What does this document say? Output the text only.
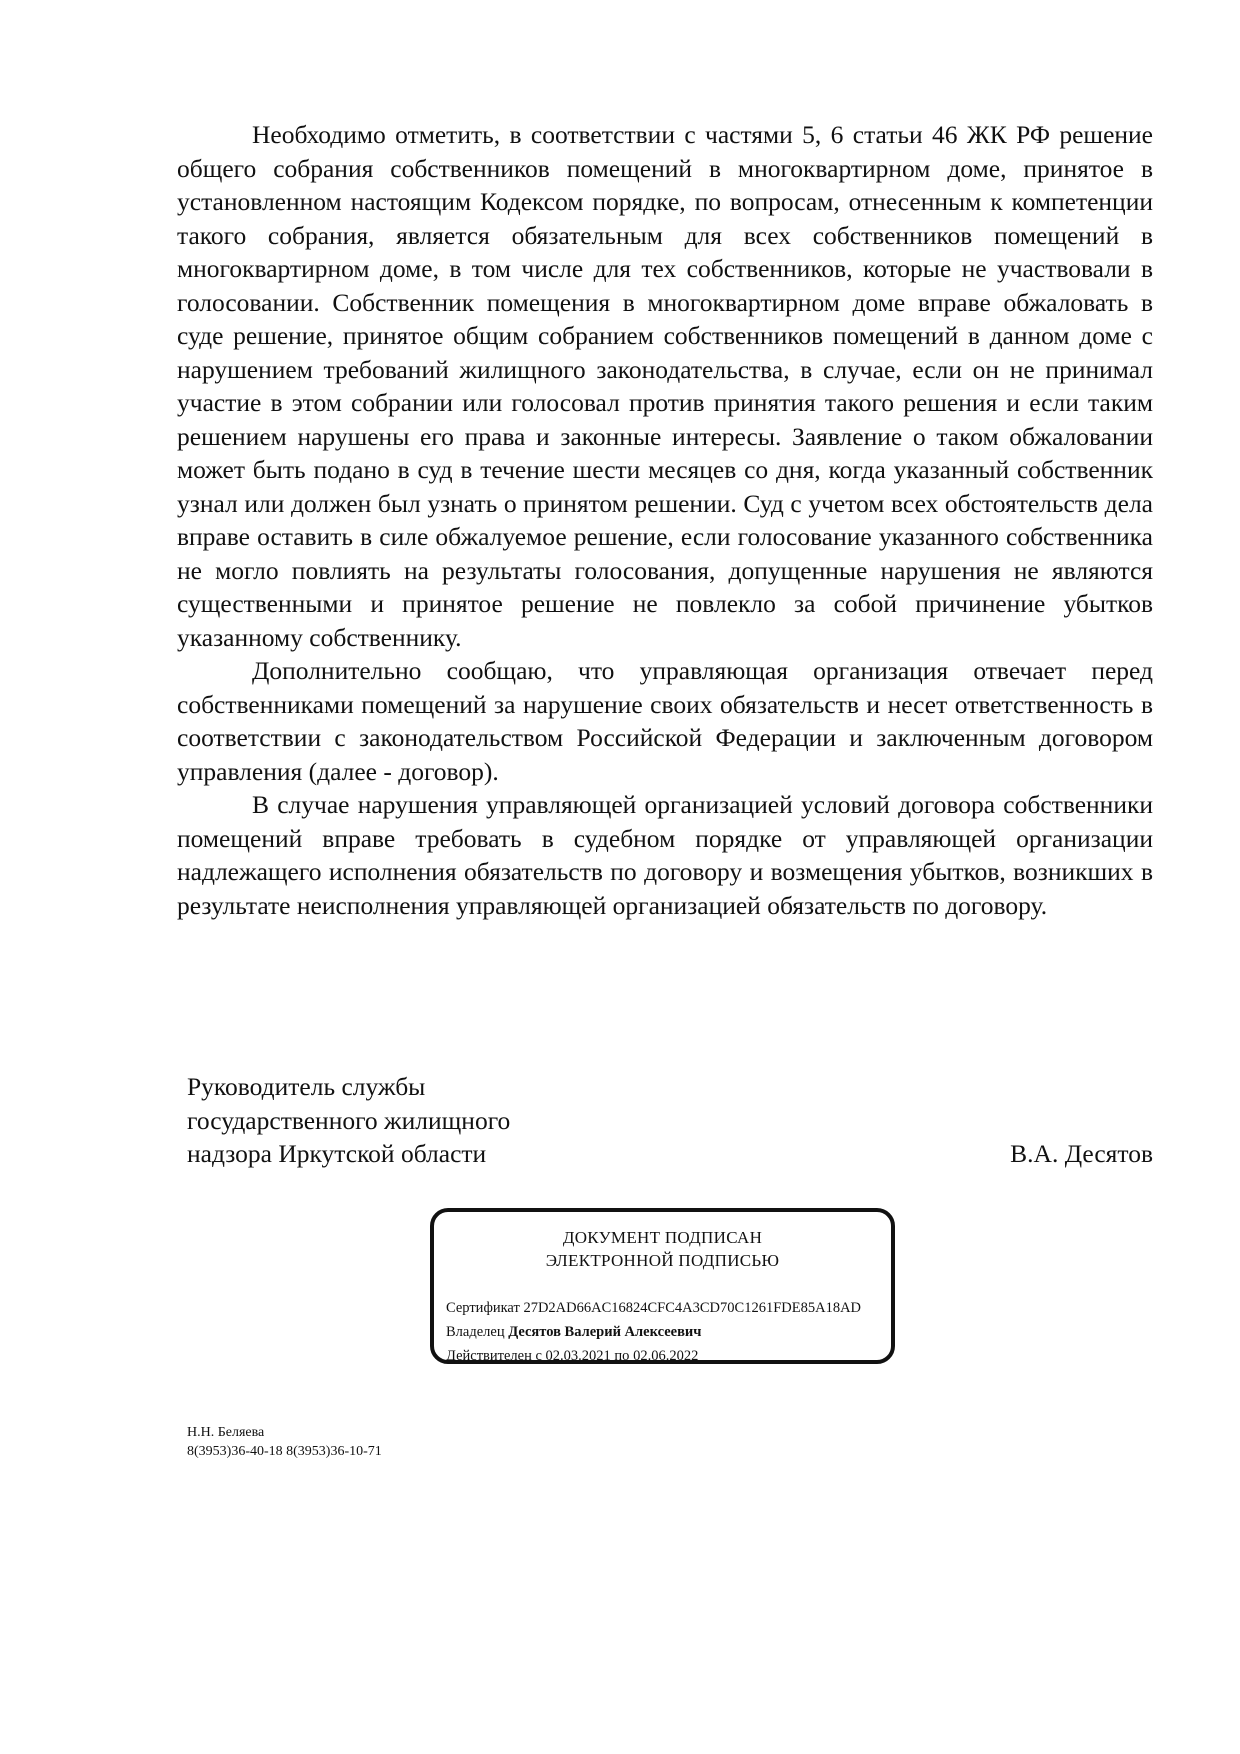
Необходимо отметить, в соответствии с частями 5, 6 статьи 46 ЖК РФ решение общего собрания собственников помещений в многоквартирном доме, принятое в установленном настоящим Кодексом порядке, по вопросам, отнесенным к компетенции такого собрания, является обязательным для всех собственников помещений в многоквартирном доме, в том числе для тех собственников, которые не участвовали в голосовании. Собственник помещения в многоквартирном доме вправе обжаловать в суде решение, принятое общим собранием собственников помещений в данном доме с нарушением требований жилищного законодательства, в случае, если он не принимал участие в этом собрании или голосовал против принятия такого решения и если таким решением нарушены его права и законные интересы. Заявление о таком обжаловании может быть подано в суд в течение шести месяцев со дня, когда указанный собственник узнал или должен был узнать о принятом решении. Суд с учетом всех обстоятельств дела вправе оставить в силе обжалуемое решение, если голосование указанного собственника не могло повлиять на результаты голосования, допущенные нарушения не являются существенными и принятое решение не повлекло за собой причинение убытков указанному собственнику.

Дополнительно сообщаю, что управляющая организация отвечает перед собственниками помещений за нарушение своих обязательств и несет ответственность в соответствии с законодательством Российской Федерации и заключенным договором управления (далее - договор).

В случае нарушения управляющей организацией условий договора собственники помещений вправе требовать в судебном порядке от управляющей организации надлежащего исполнения обязательств по договору и возмещения убытков, возникших в результате неисполнения управляющей организацией обязательств по договору.

Руководитель службы
государственного жилищного
надзора Иркутской области	В.А. Десятов
ДОКУМЕНТ ПОДПИСАН
ЭЛЕКТРОННОЙ ПОДПИСЬЮ
Сертификат 27D2AD66AC16824CFC4A3CD70C1261FDE85A18AD
Владелец Десятов Валерий Алексеевич
Действителен с 02.03.2021 по 02.06.2022
Н.Н. Беляева
8(3953)36-40-18 8(3953)36-10-71
